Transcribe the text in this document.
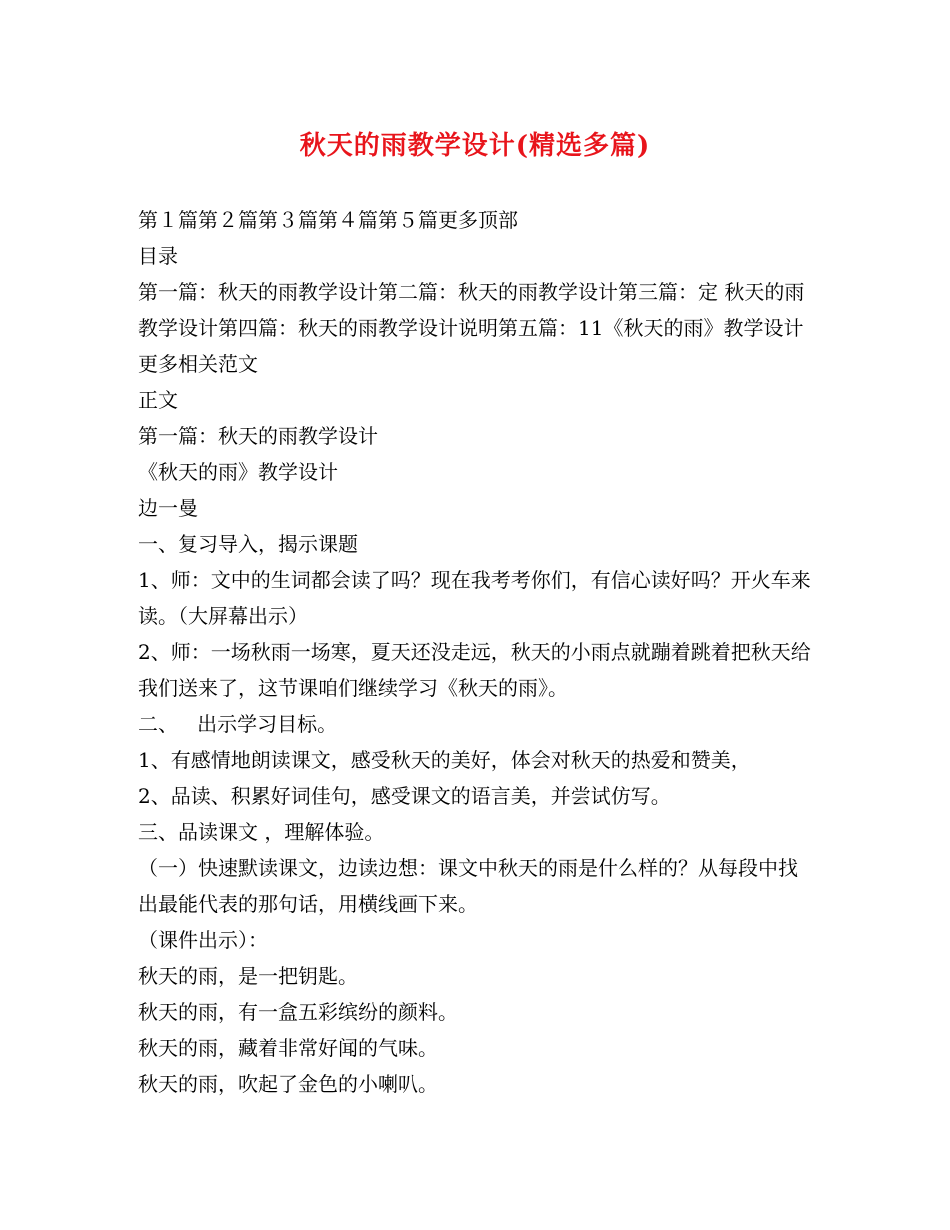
秋天的雨教学设计(精选多篇)

第１篇第２篇第３篇第４篇第５篇更多顶部

目录

第一篇：秋天的雨教学设计第二篇：秋天的雨教学设计第三篇：定 秋天的雨 教学设计第四篇：秋天的雨教学设计说明第五篇：11《秋天的雨》教学设计更多相关范文

正文

第一篇：秋天的雨教学设计

《秋天的雨》教学设计

边一曼

一、复习导入，揭示课题

1、师：文中的生词都会读了吗？现在我考考你们，有信心读好吗？开火车来读。（大屏幕出示）

2、师：一场秋雨一场寒，夏天还没走远，秋天的小雨点就蹦着跳着把秋天给我们送来了，这节课咱们继续学习《秋天的雨》。

二、   出示学习目标。

1、有感情地朗读课文，感受秋天的美好，体会对秋天的热爱和赞美，

2、品读、积累好词佳句，感受课文的语言美，并尝试仿写。

三、品读课文 ，理解体验。

（一）快速默读课文，边读边想：课文中秋天的雨是什么样的？从每段中找出最能代表的那句话，用横线画下来。

（课件出示）：

秋天的雨，是一把钥匙。

秋天的雨，有一盒五彩缤纷的颜料。

秋天的雨，藏着非常好闻的气味。

秋天的雨，吹起了金色的小喇叭。
